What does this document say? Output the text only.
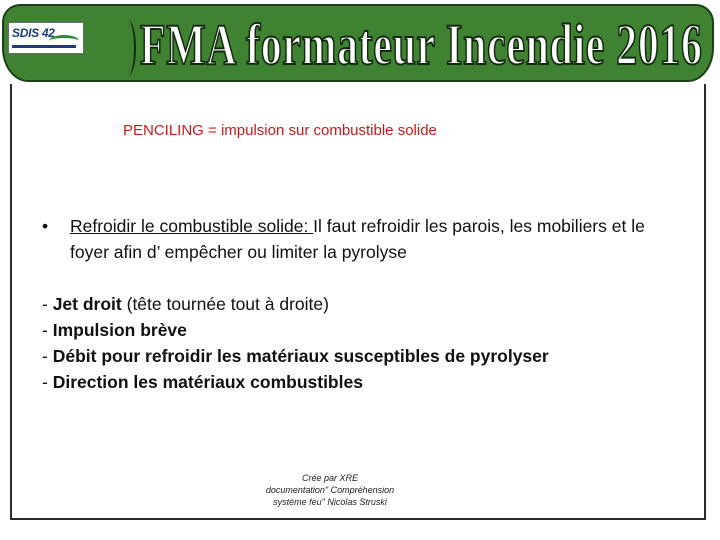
SDIS 42 FMA formateur Incendie 2016
PENCILING = impulsion sur combustible solide
• Refroidir le combustible solide: Il faut refroidir les parois, les mobiliers et le foyer afin d’ empêcher ou limiter la pyrolyse
- Jet droit (tête tournée tout à droite)
- Impulsion brève
- Débit pour refroidir les matériaux susceptibles de pyrolyser
- Direction les matériaux combustibles
Crée par XRE
documentation" Compréhension
système feu" Nicolas Struski
